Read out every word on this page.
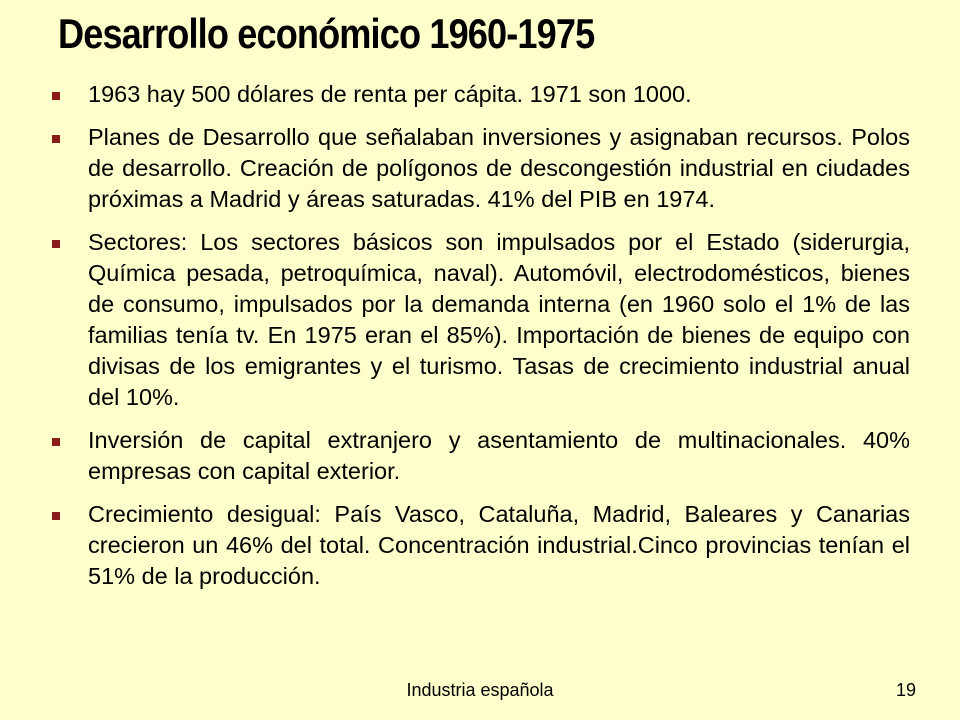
Desarrollo económico 1960-1975
1963 hay 500 dólares de renta per cápita. 1971 son 1000.
Planes de Desarrollo que señalaban inversiones y asignaban recursos. Polos de desarrollo. Creación de polígonos de descongestión industrial en ciudades próximas a Madrid y áreas saturadas. 41% del PIB en 1974.
Sectores: Los sectores básicos son impulsados por el Estado (siderurgia, Química pesada, petroquímica, naval). Automóvil, electrodomésticos, bienes de consumo, impulsados por la demanda interna (en 1960 solo el 1% de las familias tenía tv. En 1975 eran el 85%). Importación de bienes de equipo con divisas de los emigrantes y el turismo. Tasas de crecimiento industrial anual del 10%.
Inversión de capital extranjero y asentamiento de multinacionales. 40% empresas con capital exterior.
Crecimiento desigual: País Vasco, Cataluña, Madrid, Baleares y Canarias crecieron un 46% del total. Concentración industrial.Cinco provincias tenían el 51% de la producción.
Industria española	19
